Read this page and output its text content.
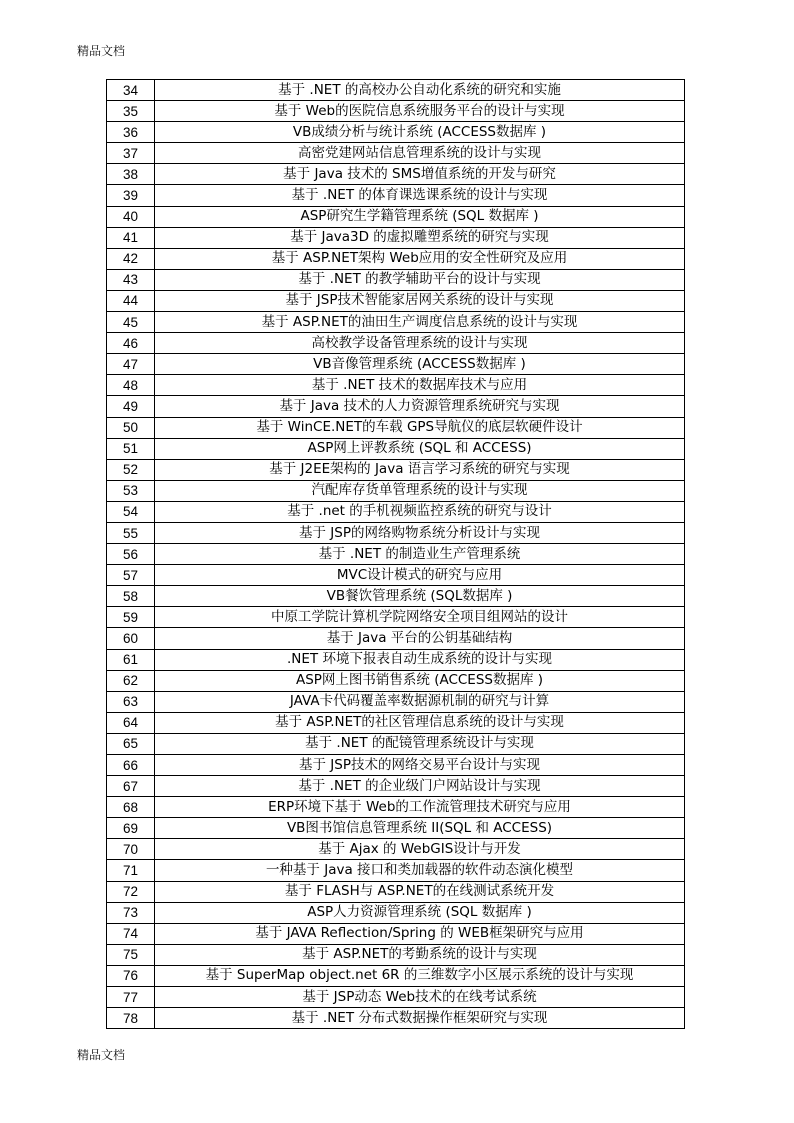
精品文档
34	基于 .NET 的高校办公自动化系统的研究和实施
35	基于 Web的医院信息系统服务平台的设计与实现
36	VB成绩分析与统计系统 (ACCESS数据库 )
37	高密党建网站信息管理系统的设计与实现
38	基于 Java 技术的 SMS增值系统的开发与研究
39	基于 .NET 的体育课选课系统的设计与实现
40	ASP研究生学籍管理系统 (SQL 数据库 )
41	基于 Java3D 的虚拟雕塑系统的研究与实现
42	基于 ASP.NET架构 Web应用的安全性研究及应用
43	基于 .NET 的教学辅助平台的设计与实现
44	基于 JSP技术智能家居网关系统的设计与实现
45	基于 ASP.NET的油田生产调度信息系统的设计与实现
46	高校教学设备管理系统的设计与实现
47	VB音像管理系统 (ACCESS数据库 )
48	基于 .NET 技术的数据库技术与应用
49	基于 Java 技术的人力资源管理系统研究与实现
50	基于 WinCE.NET的车载 GPS导航仪的底层软硬件设计
51	ASP网上评教系统 (SQL 和 ACCESS)
52	基于 J2EE架构的 Java 语言学习系统的研究与实现
53	汽配库存货单管理系统的设计与实现
54	基于 .net 的手机视频监控系统的研究与设计
55	基于 JSP的网络购物系统分析设计与实现
56	基于 .NET 的制造业生产管理系统
57	MVC设计模式的研究与应用
58	VB餐饮管理系统 (SQL数据库 )
59	中原工学院计算机学院网络安全项目组网站的设计
60	基于 Java 平台的公钥基础结构
61	.NET 环境下报表自动生成系统的设计与实现
62	ASP网上图书销售系统 (ACCESS数据库 )
63	JAVA卡代码覆盖率数据源机制的研究与计算
64	基于 ASP.NET的社区管理信息系统的设计与实现
65	基于 .NET 的配镜管理系统设计与实现
66	基于 JSP技术的网络交易平台设计与实现
67	基于 .NET 的企业级门户网站设计与实现
68	ERP环境下基于 Web的工作流管理技术研究与应用
69	VB图书馆信息管理系统 II(SQL 和 ACCESS)
70	基于 Ajax 的 WebGIS设计与开发
71	一种基于 Java 接口和类加载器的软件动态演化模型
72	基于 FLASH与 ASP.NET的在线测试系统开发
73	ASP人力资源管理系统 (SQL 数据库 )
74	基于 JAVA Reflection/Spring 的 WEB框架研究与应用
75	基于 ASP.NET的考勤系统的设计与实现
76	基于 SuperMap object.net 6R 的三维数字小区展示系统的设计与实现
77	基于 JSP动态 Web技术的在线考试系统
78	基于 .NET 分布式数据操作框架研究与实现
精品文档
